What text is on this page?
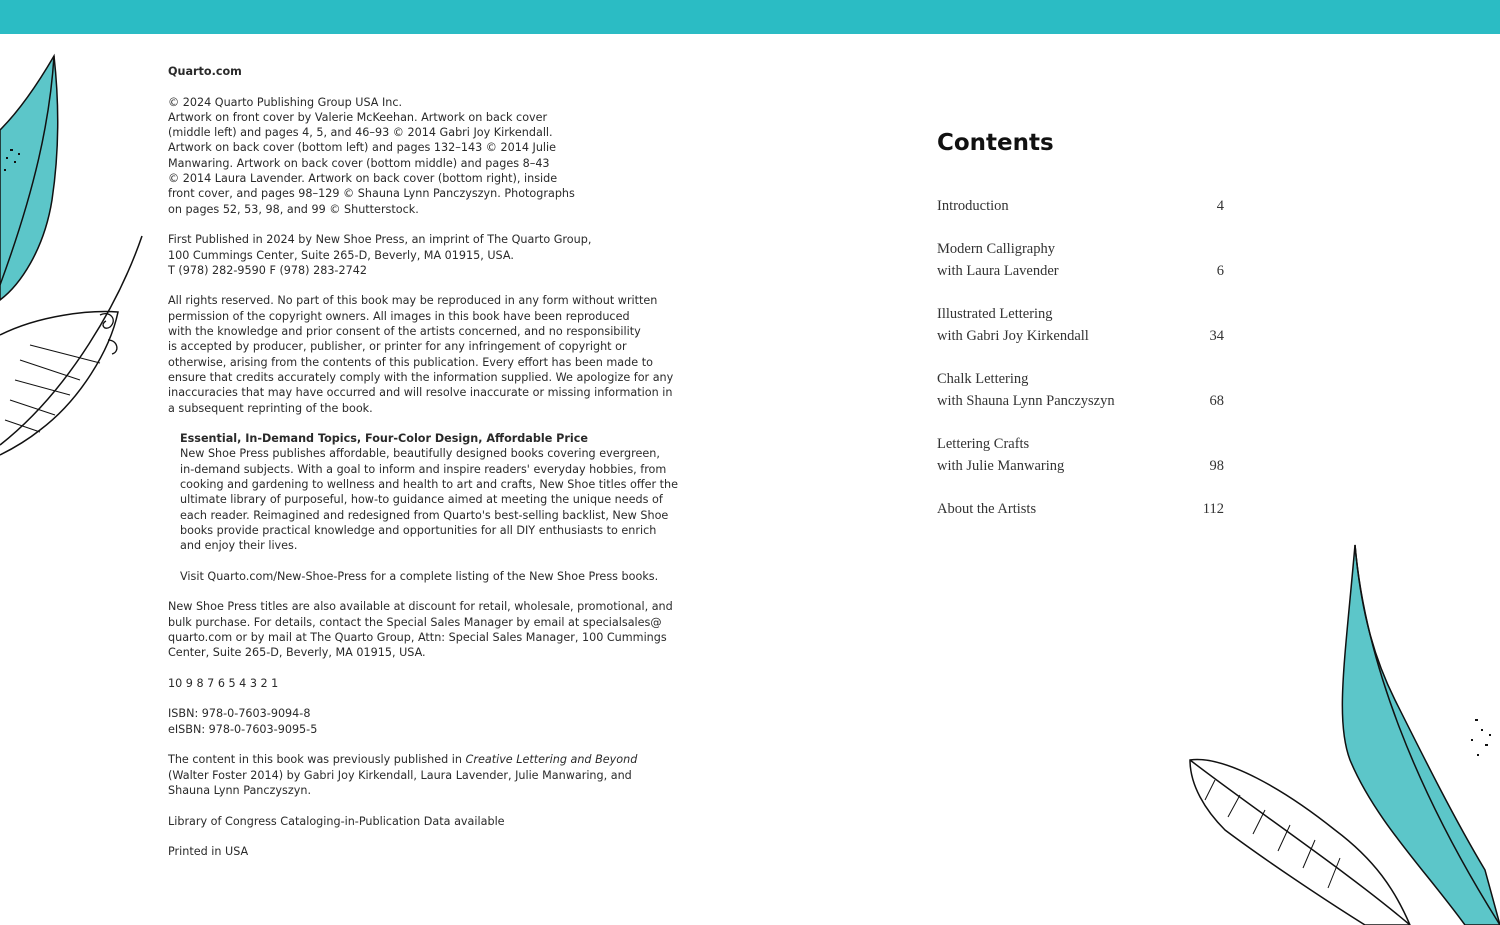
Quarto.com

© 2024 Quarto Publishing Group USA Inc.
Artwork on front cover by Valerie McKeehan. Artwork on back cover
(middle left) and pages 4, 5, and 46–93 © 2014 Gabri Joy Kirkendall.
Artwork on back cover (bottom left) and pages 132–143 © 2014 Julie
Manwaring. Artwork on back cover (bottom middle) and pages 8–43
© 2014 Laura Lavender. Artwork on back cover (bottom right), inside
front cover, and pages 98–129 © Shauna Lynn Panczyszyn. Photographs
on pages 52, 53, 98, and 99 © Shutterstock.

First Published in 2024 by New Shoe Press, an imprint of The Quarto Group,
100 Cummings Center, Suite 265-D, Beverly, MA 01915, USA.
T (978) 282-9590 F (978) 283-2742

All rights reserved. No part of this book may be reproduced in any form without written
permission of the copyright owners. All images in this book have been reproduced
with the knowledge and prior consent of the artists concerned, and no responsibility
is accepted by producer, publisher, or printer for any infringement of copyright or
otherwise, arising from the contents of this publication. Every effort has been made to
ensure that credits accurately comply with the information supplied. We apologize for any
inaccuracies that may have occurred and will resolve inaccurate or missing information in
a subsequent reprinting of the book.

Essential, In-Demand Topics, Four-Color Design, Affordable Price
New Shoe Press publishes affordable, beautifully designed books covering evergreen,
in-demand subjects. With a goal to inform and inspire readers' everyday hobbies, from
cooking and gardening to wellness and health to art and crafts, New Shoe titles offer the
ultimate library of purposeful, how-to guidance aimed at meeting the unique needs of
each reader. Reimagined and redesigned from Quarto's best-selling backlist, New Shoe
books provide practical knowledge and opportunities for all DIY enthusiasts to enrich
and enjoy their lives.

Visit Quarto.com/New-Shoe-Press for a complete listing of the New Shoe Press books.

New Shoe Press titles are also available at discount for retail, wholesale, promotional, and
bulk purchase. For details, contact the Special Sales Manager by email at specialsales@
quarto.com or by mail at The Quarto Group, Attn: Special Sales Manager, 100 Cummings
Center, Suite 265-D, Beverly, MA 01915, USA.

10 9 8 7 6 5 4 3 2 1

ISBN: 978-0-7603-9094-8
eISBN: 978-0-7603-9095-5

The content in this book was previously published in Creative Lettering and Beyond
(Walter Foster 2014) by Gabri Joy Kirkendall, Laura Lavender, Julie Manwaring, and
Shauna Lynn Panczyszyn.

Library of Congress Cataloging-in-Publication Data available

Printed in USA

Contents
Introduction	4
Modern Calligraphy
with Laura Lavender	6
Illustrated Lettering
with Gabri Joy Kirkendall	34
Chalk Lettering
with Shauna Lynn Panczyszyn	68
Lettering Crafts
with Julie Manwaring	98
About the Artists	112
